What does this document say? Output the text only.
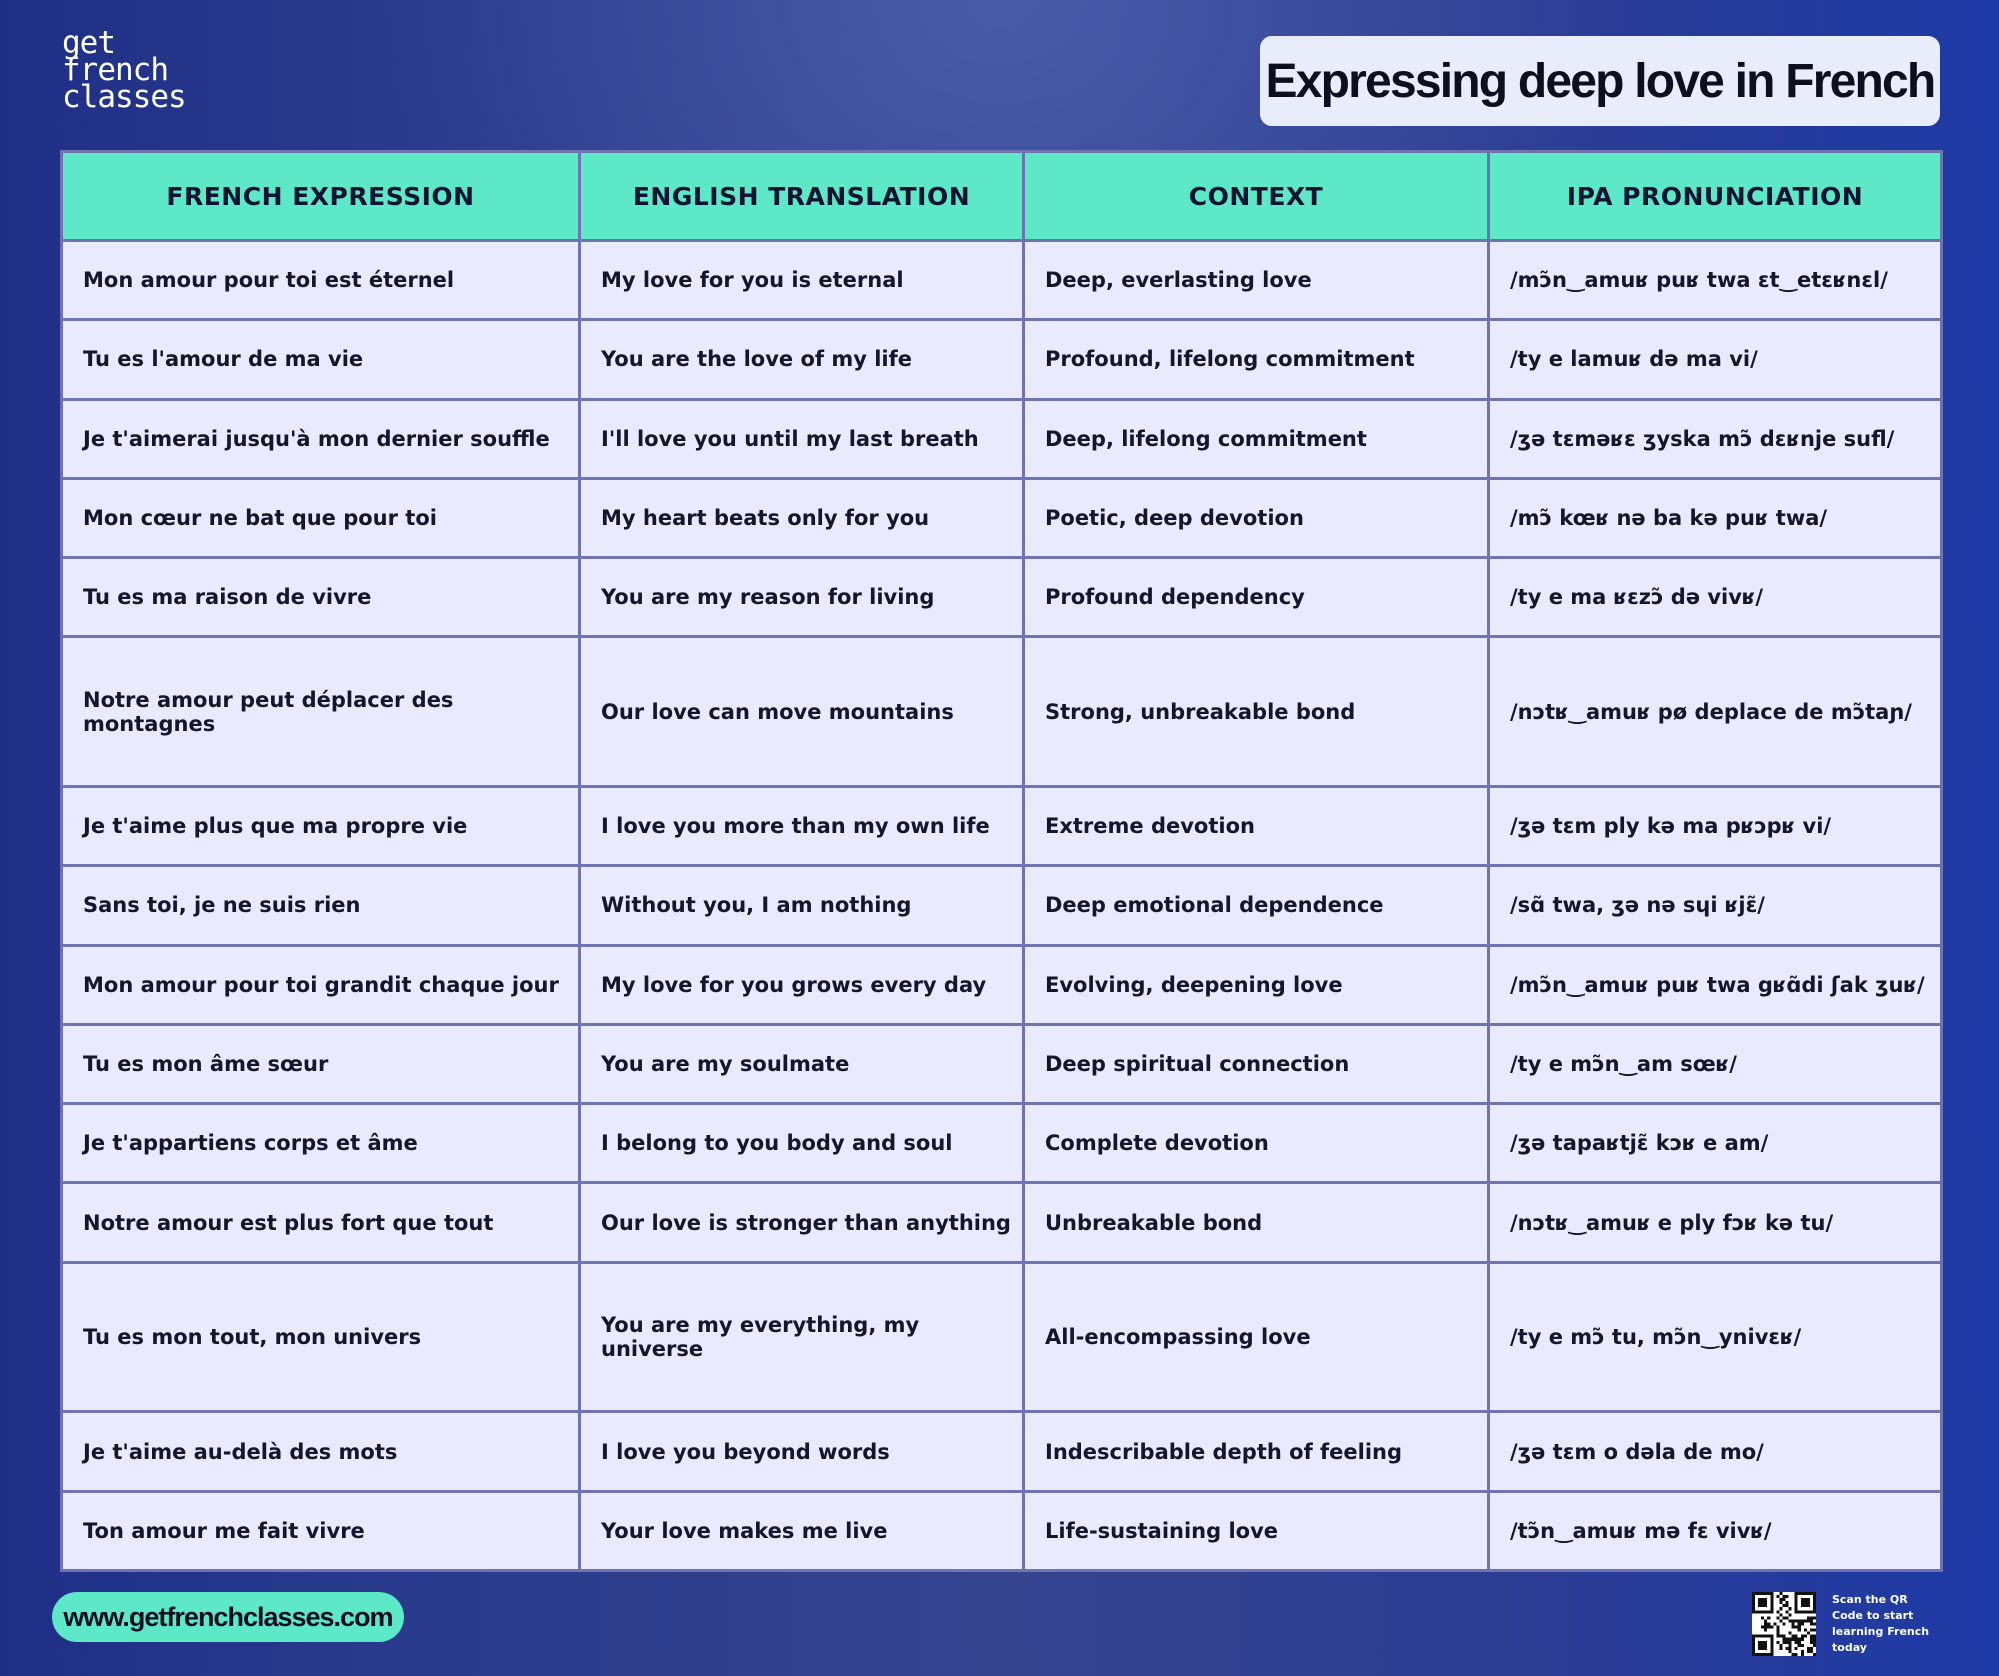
get
french
classes	Expressing deep love in French
FRENCH EXPRESSION	ENGLISH TRANSLATION	CONTEXT	IPA PRONUNCIATION
Mon amour pour toi est éternel	My love for you is eternal	Deep, everlasting love	/mɔ̃n‿amuʁ puʁ twa ɛt‿etɛʁnɛl/
Tu es l'amour de ma vie	You are the love of my life	Profound, lifelong commitment	/ty e lamuʁ də ma vi/
Je t'aimerai jusqu'à mon dernier souffle	I'll love you until my last breath	Deep, lifelong commitment	/ʒə tɛməʁɛ ʒyska mɔ̃ dɛʁnje sufl/
Mon cœur ne bat que pour toi	My heart beats only for you	Poetic, deep devotion	/mɔ̃ kœʁ nə ba kə puʁ twa/
Tu es ma raison de vivre	You are my reason for living	Profound dependency	/ty e ma ʁɛzɔ̃ də vivʁ/
Notre amour peut déplacer des montagnes	Our love can move mountains	Strong, unbreakable bond	/nɔtʁ‿amuʁ pø deplace de mɔ̃taɲ/
Je t'aime plus que ma propre vie	I love you more than my own life	Extreme devotion	/ʒə tɛm ply kə ma pʁɔpʁ vi/
Sans toi, je ne suis rien	Without you, I am nothing	Deep emotional dependence	/sɑ̃ twa, ʒə nə sɥi ʁjɛ̃/
Mon amour pour toi grandit chaque jour	My love for you grows every day	Evolving, deepening love	/mɔ̃n‿amuʁ puʁ twa gʁɑ̃di ʃak ʒuʁ/
Tu es mon âme sœur	You are my soulmate	Deep spiritual connection	/ty e mɔ̃n‿am sœʁ/
Je t'appartiens corps et âme	I belong to you body and soul	Complete devotion	/ʒə tapaʁtjɛ̃ kɔʁ e am/
Notre amour est plus fort que tout	Our love is stronger than anything	Unbreakable bond	/nɔtʁ‿amuʁ e ply fɔʁ kə tu/
Tu es mon tout, mon univers	You are my everything, my universe	All-encompassing love	/ty e mɔ̃ tu, mɔ̃n‿ynivɛʁ/
Je t'aime au-delà des mots	I love you beyond words	Indescribable depth of feeling	/ʒə tɛm o dəla de mo/
Ton amour me fait vivre	Your love makes me live	Life-sustaining love	/tɔ̃n‿amuʁ mə fɛ vivʁ/
www.getfrenchclasses.com
Scan the QR Code to start learning French today
